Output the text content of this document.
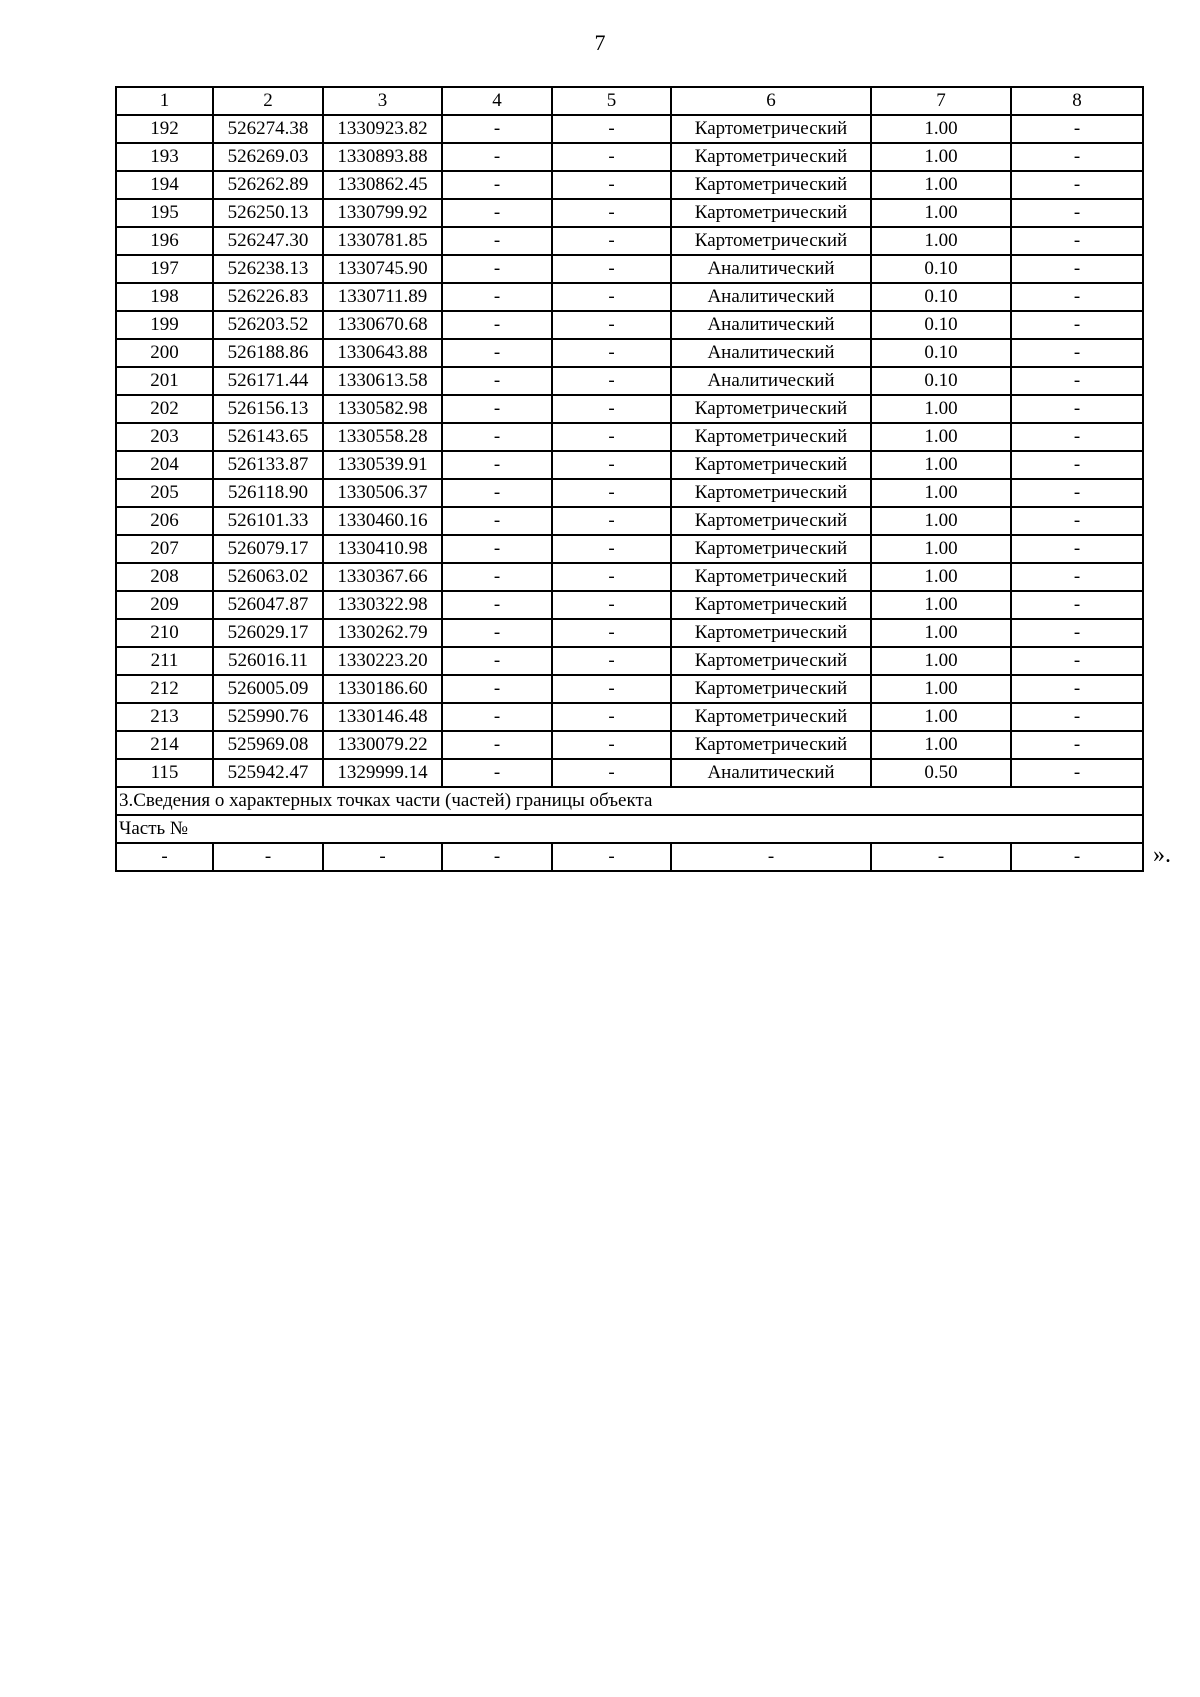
7
1	2	3	4	5	6	7	8
192	526274.38	1330923.82	-	-	Картометрический	1.00	-
193	526269.03	1330893.88	-	-	Картометрический	1.00	-
194	526262.89	1330862.45	-	-	Картометрический	1.00	-
195	526250.13	1330799.92	-	-	Картометрический	1.00	-
196	526247.30	1330781.85	-	-	Картометрический	1.00	-
197	526238.13	1330745.90	-	-	Аналитический	0.10	-
198	526226.83	1330711.89	-	-	Аналитический	0.10	-
199	526203.52	1330670.68	-	-	Аналитический	0.10	-
200	526188.86	1330643.88	-	-	Аналитический	0.10	-
201	526171.44	1330613.58	-	-	Аналитический	0.10	-
202	526156.13	1330582.98	-	-	Картометрический	1.00	-
203	526143.65	1330558.28	-	-	Картометрический	1.00	-
204	526133.87	1330539.91	-	-	Картометрический	1.00	-
205	526118.90	1330506.37	-	-	Картометрический	1.00	-
206	526101.33	1330460.16	-	-	Картометрический	1.00	-
207	526079.17	1330410.98	-	-	Картометрический	1.00	-
208	526063.02	1330367.66	-	-	Картометрический	1.00	-
209	526047.87	1330322.98	-	-	Картометрический	1.00	-
210	526029.17	1330262.79	-	-	Картометрический	1.00	-
211	526016.11	1330223.20	-	-	Картометрический	1.00	-
212	526005.09	1330186.60	-	-	Картометрический	1.00	-
213	525990.76	1330146.48	-	-	Картометрический	1.00	-
214	525969.08	1330079.22	-	-	Картометрический	1.00	-
115	525942.47	1329999.14	-	-	Аналитический	0.50	-
3.Сведения о характерных точках части (частей) границы объекта							
Часть №							
-	-	-	-	-	-	-	-	».
